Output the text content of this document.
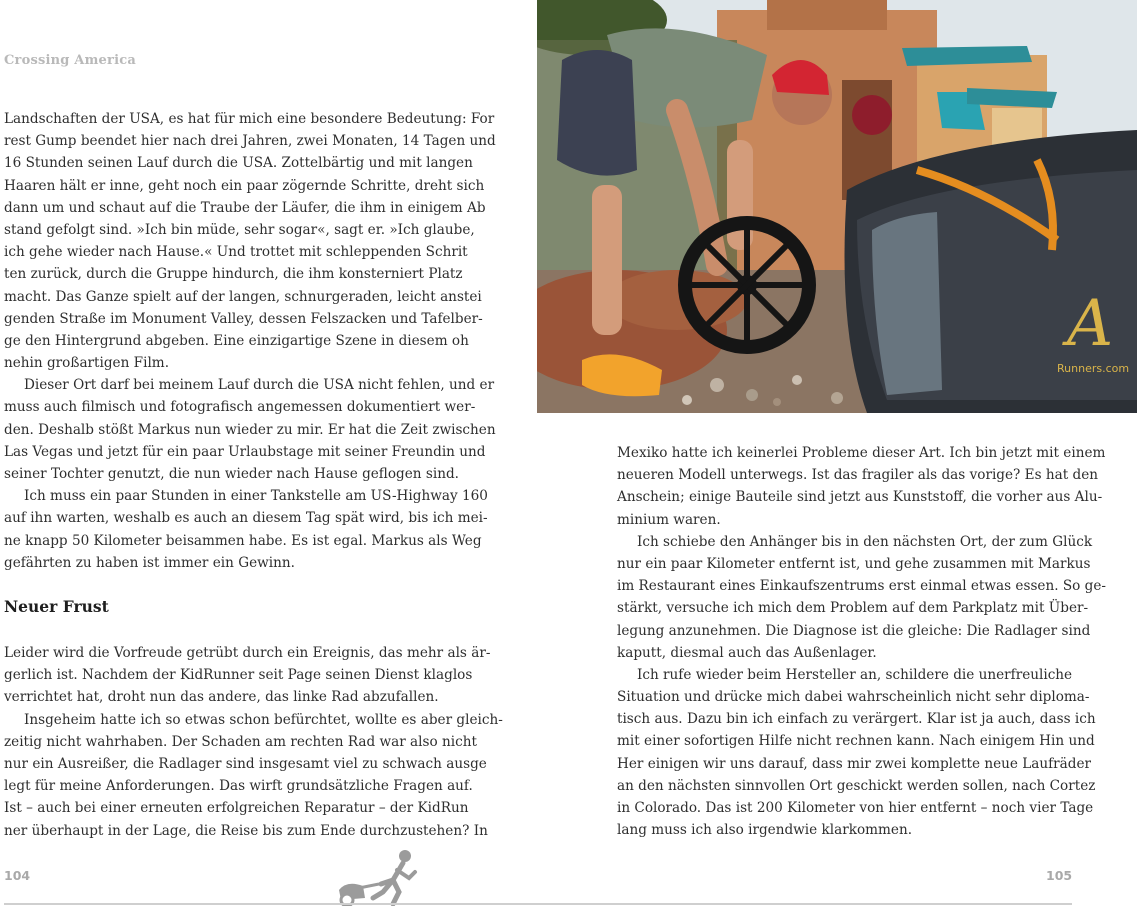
Crossing America
Landschaften der USA, es hat für mich eine besondere Bedeutung: For
rest Gump beendet hier nach drei Jahren, zwei Monaten, 14 Tagen und
16 Stunden seinen Lauf durch die USA. Zottelbärtig und mit langen
Haaren hält er inne, geht noch ein paar zögernde Schritte, dreht sich
dann um und schaut auf die Traube der Läufer, die ihm in einigem Ab
stand gefolgt sind. »Ich bin müde, sehr sogar«, sagt er. »Ich glaube,
ich gehe wieder nach Hause.« Und trottet mit schleppenden Schrit
ten zurück, durch die Gruppe hindurch, die ihm konsterniert Platz
macht. Das Ganze spielt auf der langen, schnurgeraden, leicht anstei
genden Straße im Monument Valley, dessen Felszacken und Tafelber-
ge den Hintergrund abgeben. Eine einzigartige Szene in diesem oh
nehin großartigen Film.
Dieser Ort darf bei meinem Lauf durch die USA nicht fehlen, und er
muss auch filmisch und fotografisch angemessen dokumentiert wer-
den. Deshalb stößt Markus nun wieder zu mir. Er hat die Zeit zwischen
Las Vegas und jetzt für ein paar Urlaubstage mit seiner Freundin und
seiner Tochter genutzt, die nun wieder nach Hause geflogen sind.
Ich muss ein paar Stunden in einer Tankstelle am US-Highway 160
auf ihn warten, weshalb es auch an diesem Tag spät wird, bis ich mei-
ne knapp 50 Kilometer beisammen habe. Es ist egal. Markus als Weg
gefährten zu haben ist immer ein Gewinn.
Neuer Frust
Leider wird die Vorfreude getrübt durch ein Ereignis, das mehr als är-
gerlich ist. Nachdem der KidRunner seit Page seinen Dienst klaglos
verrichtet hat, droht nun das andere, das linke Rad abzufallen.
Insgeheim hatte ich so etwas schon befürchtet, wollte es aber gleich-
zeitig nicht wahrhaben. Der Schaden am rechten Rad war also nicht
nur ein Ausreißer, die Radlager sind insgesamt viel zu schwach ausge
legt für meine Anforderungen. Das wirft grundsätzliche Fragen auf.
Ist – auch bei einer erneuten erfolgreichen Reparatur – der KidRun
ner überhaupt in der Lage, die Reise bis zum Ende durchzustehen? In
A
Runners.com
Mexiko hatte ich keinerlei Probleme dieser Art. Ich bin jetzt mit einem
neueren Modell unterwegs. Ist das fragiler als das vorige? Es hat den
Anschein; einige Bauteile sind jetzt aus Kunststoff, die vorher aus Alu-
minium waren.
Ich schiebe den Anhänger bis in den nächsten Ort, der zum Glück
nur ein paar Kilometer entfernt ist, und gehe zusammen mit Markus
im Restaurant eines Einkaufszentrums erst einmal etwas essen. So ge-
stärkt, versuche ich mich dem Problem auf dem Parkplatz mit Über-
legung anzunehmen. Die Diagnose ist die gleiche: Die Radlager sind
kaputt, diesmal auch das Außenlager.
Ich rufe wieder beim Hersteller an, schildere die unerfreuliche
Situation und drücke mich dabei wahrscheinlich nicht sehr diploma-
tisch aus. Dazu bin ich einfach zu verärgert. Klar ist ja auch, dass ich
mit einer sofortigen Hilfe nicht rechnen kann. Nach einigem Hin und
Her einigen wir uns darauf, dass mir zwei komplette neue Laufräder
an den nächsten sinnvollen Ort geschickt werden sollen, nach Cortez
in Colorado. Das ist 200 Kilometer von hier entfernt – noch vier Tage
lang muss ich also irgendwie klarkommen.
104	105
